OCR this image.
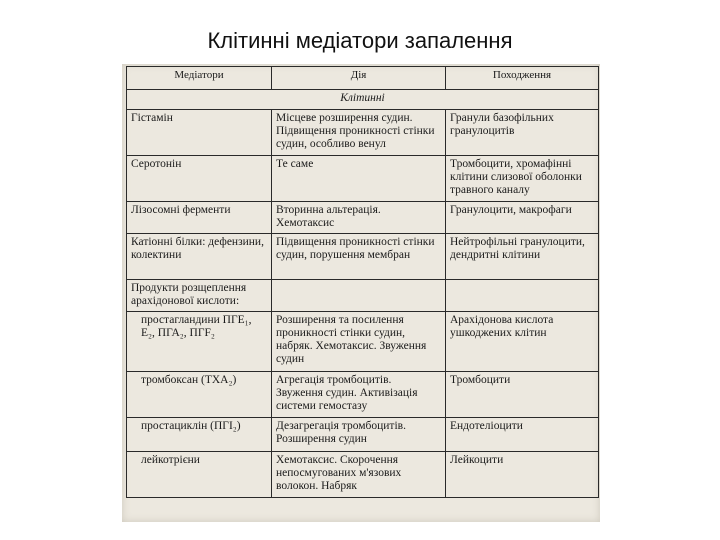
Клітинні медіатори запалення
Медіатори	Дія	Походження
Клітинні		
Гістамін	Місцеве розширення судин. Підвищення проникності стінки судин, особливо венул	Гранули базофільних гранулоцитів
Серотонін	Те саме	Тромбоцити, хромафінні клітини слизової оболонки травного каналу
Лізосомні ферменти	Вторинна альтерація. Хемотаксис	Гранулоцити, макрофаги
Катіонні білки: дефензини, колектини	Підвищення проникності стінки судин, порушення мембран	Нейтрофільні гранулоцити, дендритні клітини
Продукти розщеплення арахідонової кислоти:		
простагландини ПГЕ₁, Е₂, ПГА₂, ПГF₂	Розширення та посилення проникності стінки судин, набряк. Хемотаксис. Звуження судин	Арахідонова кислота ушкоджених клітин
тромбоксан (ТХА₂)	Агрегація тромбоцитів. Звуження судин. Активізація системи гемостазу	Тромбоцити
простациклін (ПГІ₂)	Дезагрегація тромбоцитів. Розширення судин	Ендотеліоцити
лейкотрієни	Хемотаксис. Скорочення непосмугованих м'язових волокон. Набряк	Лейкоцити
